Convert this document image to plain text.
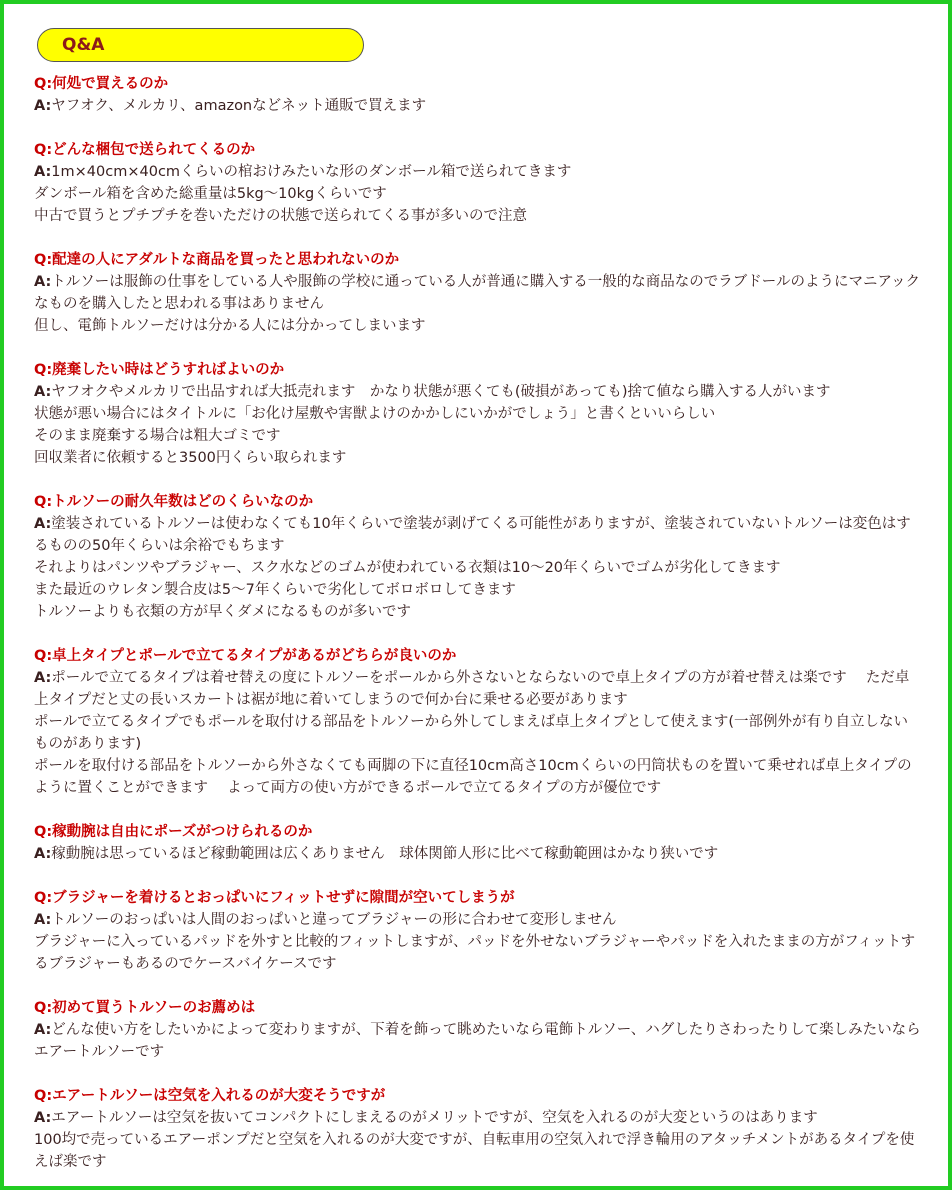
Q&A
Q:何処で買えるのか
A:ヤフオク、メルカリ、amazonなどネット通販で買えます
Q:どんな梱包で送られてくるのか
A:1m×40cm×40cmくらいの棺おけみたいな形のダンボール箱で送られてきます
ダンボール箱を含めた総重量は5kg～10kgくらいです
中古で買うとプチプチを巻いただけの状態で送られてくる事が多いので注意
Q:配達の人にアダルトな商品を買ったと思われないのか
A:トルソーは服飾の仕事をしている人や服飾の学校に通っている人が普通に購入する一般的な商品なのでラブドールのようにマニアックなものを購入したと思われる事はありません
但し、電飾トルソーだけは分かる人には分かってしまいます
Q:廃棄したい時はどうすればよいのか
A:ヤフオクやメルカリで出品すれば大抵売れます　かなり状態が悪くても(破損があっても)捨て値なら購入する人がいます
状態が悪い場合にはタイトルに「お化け屋敷や害獣よけのかかしにいかがでしょう」と書くといいらしい
そのまま廃棄する場合は粗大ゴミです
回収業者に依頼すると3500円くらい取られます
Q:トルソーの耐久年数はどのくらいなのか
A:塗装されているトルソーは使わなくても10年くらいで塗装が剥げてくる可能性がありますが、塗装されていないトルソーは変色はするものの50年くらいは余裕でもちます
それよりはパンツやブラジャー、スク水などのゴムが使われている衣類は10～20年くらいでゴムが劣化してきます
また最近のウレタン製合皮は5～7年くらいで劣化してボロボロしてきます
トルソーよりも衣類の方が早くダメになるものが多いです
Q:卓上タイプとポールで立てるタイプがあるがどちらが良いのか
A:ポールで立てるタイプは着せ替えの度にトルソーをポールから外さないとならないので卓上タイプの方が着せ替えは楽です　 ただ卓上タイプだと丈の長いスカートは裾が地に着いてしまうので何か台に乗せる必要があります
ポールで立てるタイプでもポールを取付ける部品をトルソーから外してしまえば卓上タイプとして使えます(一部例外が有り自立しないものがあります)
ポールを取付ける部品をトルソーから外さなくても両脚の下に直径10cm高さ10cmくらいの円筒状ものを置いて乗せれば卓上タイプのように置くことができます　 よって両方の使い方ができるポールで立てるタイプの方が優位です
Q:稼動腕は自由にポーズがつけられるのか
A:稼動腕は思っているほど稼動範囲は広くありません　球体関節人形に比べて稼動範囲はかなり狭いです
Q:ブラジャーを着けるとおっぱいにフィットせずに隙間が空いてしまうが
A:トルソーのおっぱいは人間のおっぱいと違ってブラジャーの形に合わせて変形しません
ブラジャーに入っているパッドを外すと比較的フィットしますが、パッドを外せないブラジャーやパッドを入れたままの方がフィットするブラジャーもあるのでケースバイケースです
Q:初めて買うトルソーのお薦めは
A:どんな使い方をしたいかによって変わりますが、下着を飾って眺めたいなら電飾トルソー、ハグしたりさわったりして楽しみたいならエアートルソーです
Q:エアートルソーは空気を入れるのが大変そうですが
A:エアートルソーは空気を抜いてコンパクトにしまえるのがメリットですが、空気を入れるのが大変というのはあります
100均で売っているエアーポンプだと空気を入れるのが大変ですが、自転車用の空気入れで浮き輪用のアタッチメントがあるタイプを使えば楽です
